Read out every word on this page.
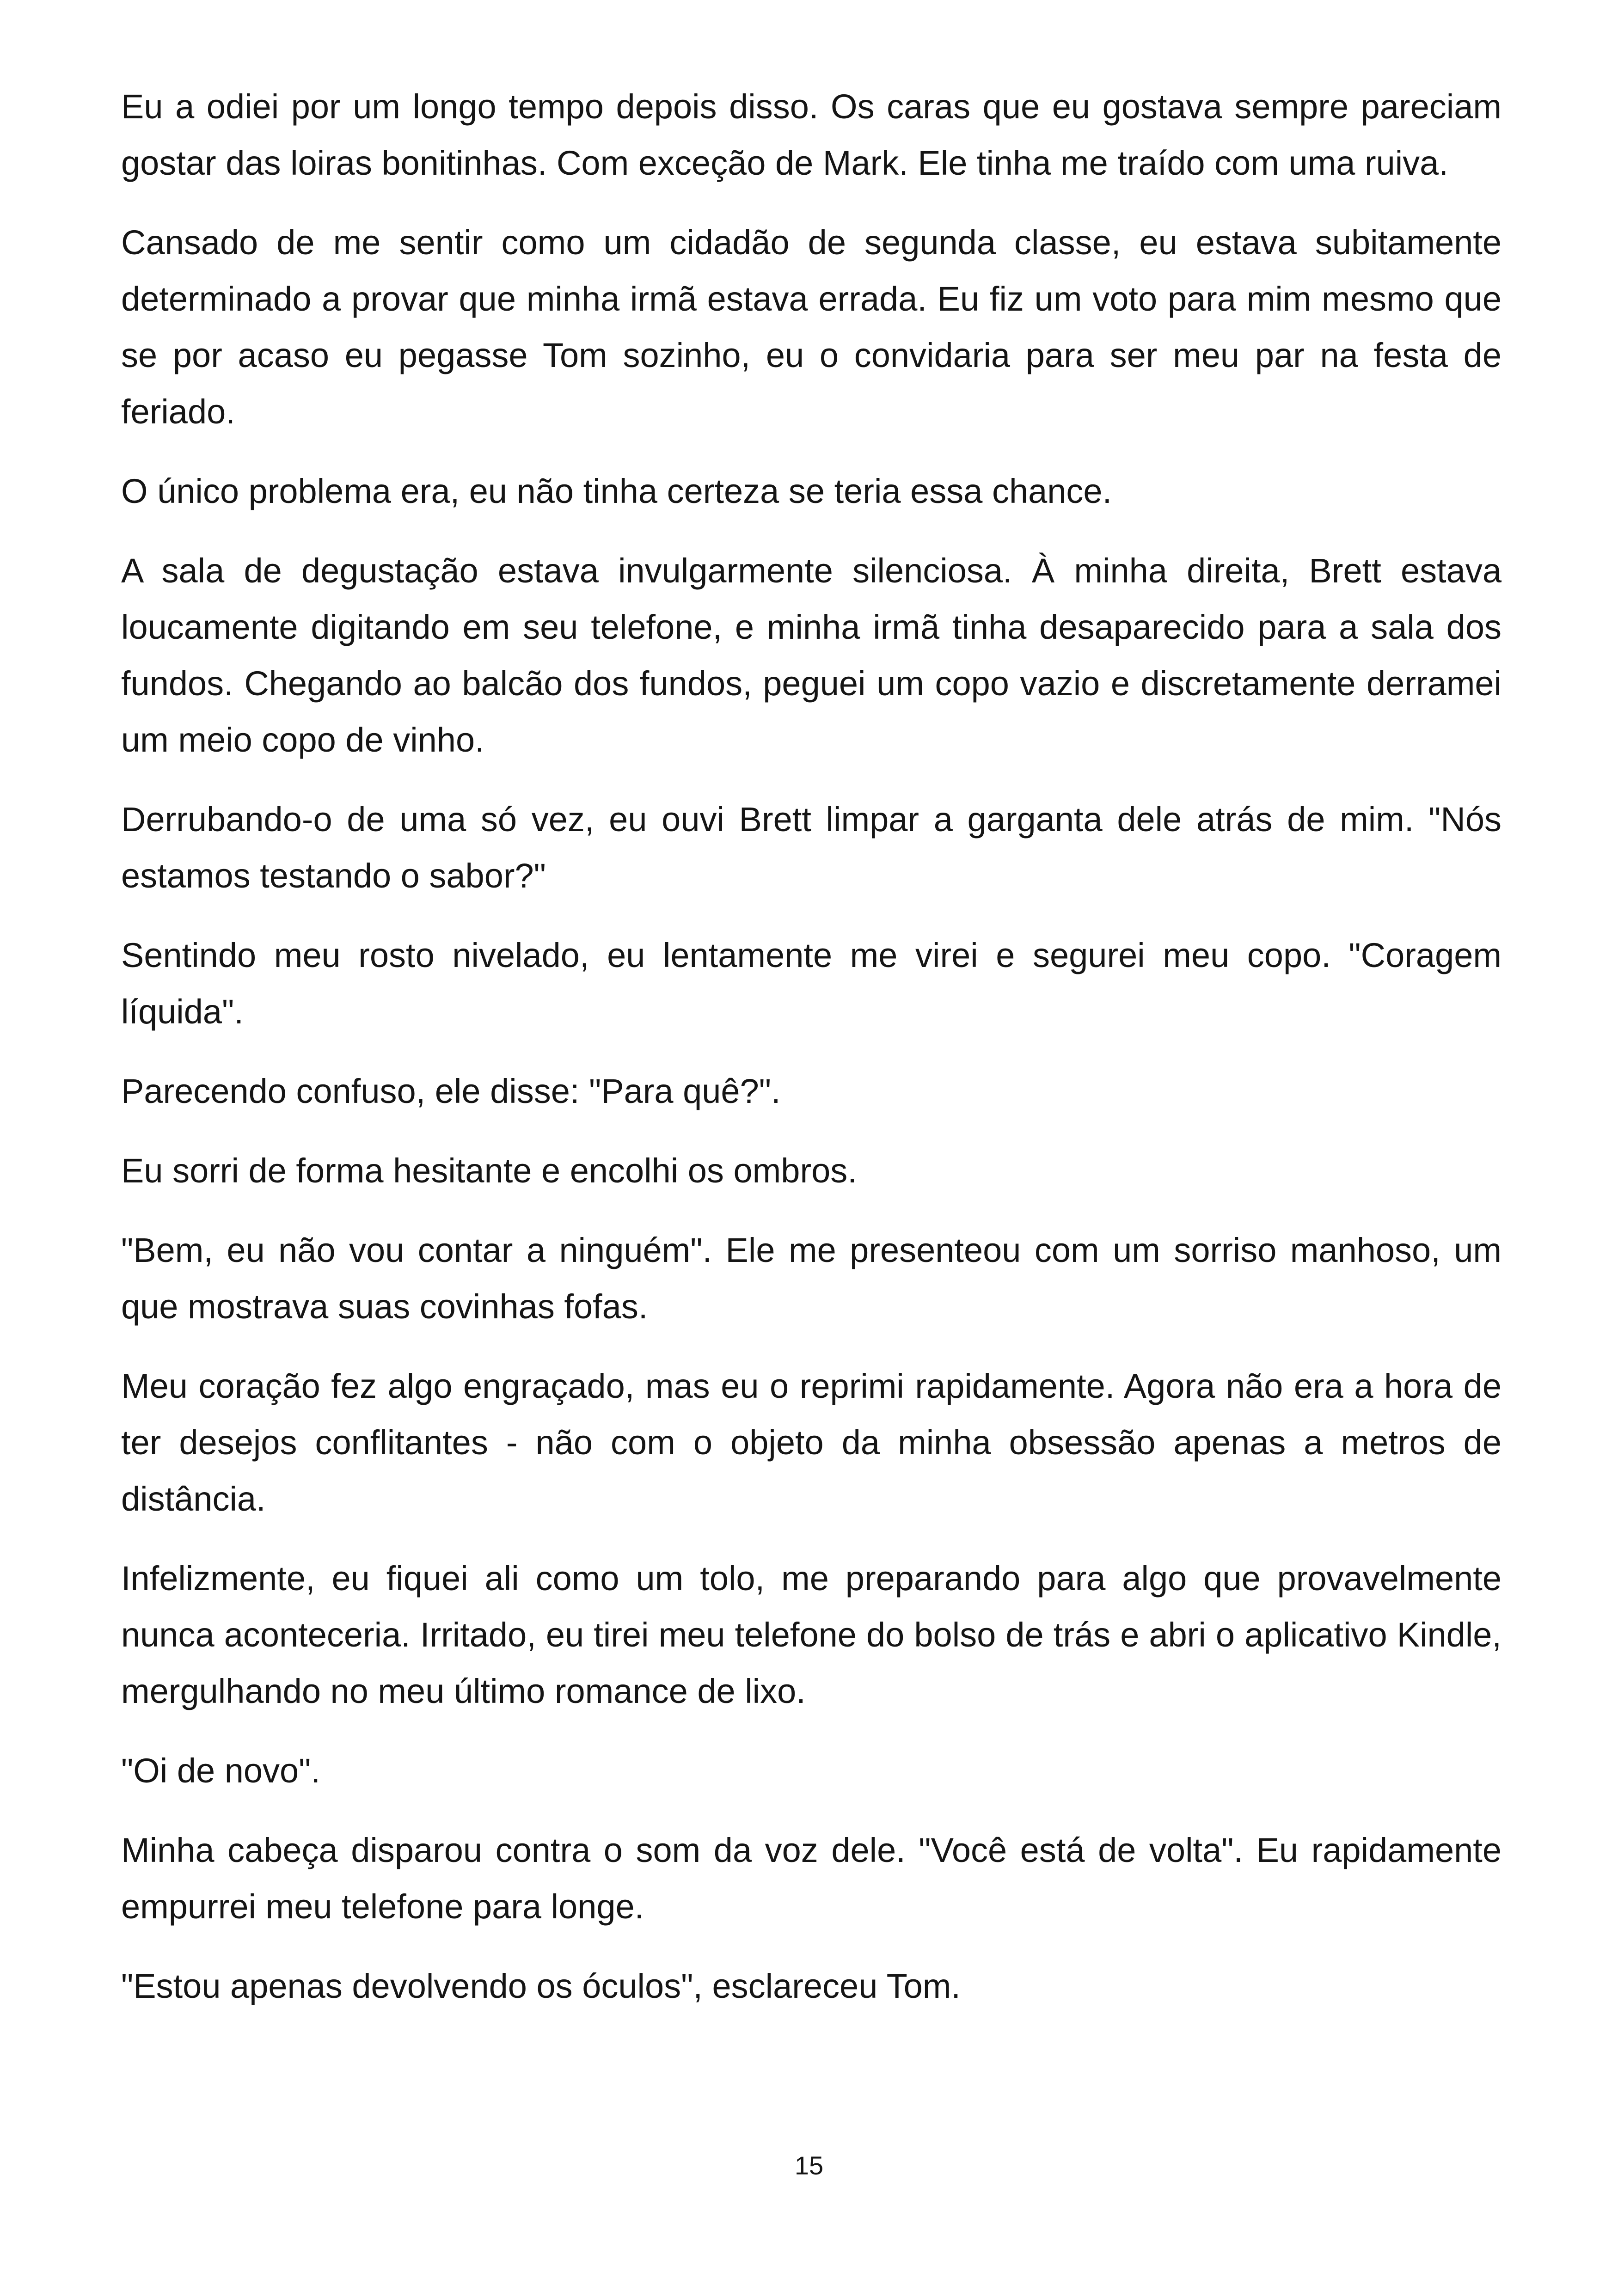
Eu a odiei por um longo tempo depois disso. Os caras que eu gostava sempre pareciam gostar das loiras bonitinhas. Com exceção de Mark. Ele tinha me traído com uma ruiva.

Cansado de me sentir como um cidadão de segunda classe, eu estava subitamente determinado a provar que minha irmã estava errada. Eu fiz um voto para mim mesmo que se por acaso eu pegasse Tom sozinho, eu o convidaria para ser meu par na festa de feriado.

O único problema era, eu não tinha certeza se teria essa chance.

A sala de degustação estava invulgarmente silenciosa. À minha direita, Brett estava loucamente digitando em seu telefone, e minha irmã tinha desaparecido para a sala dos fundos. Chegando ao balcão dos fundos, peguei um copo vazio e discretamente derramei um meio copo de vinho.

Derrubando-o de uma só vez, eu ouvi Brett limpar a garganta dele atrás de mim. "Nós estamos testando o sabor?"

Sentindo meu rosto nivelado, eu lentamente me virei e segurei meu copo. "Coragem líquida".

Parecendo confuso, ele disse: "Para quê?".

Eu sorri de forma hesitante e encolhi os ombros.

"Bem, eu não vou contar a ninguém". Ele me presenteou com um sorriso manhoso, um que mostrava suas covinhas fofas.

Meu coração fez algo engraçado, mas eu o reprimi rapidamente. Agora não era a hora de ter desejos conflitantes - não com o objeto da minha obsessão apenas a metros de distância.

Infelizmente, eu fiquei ali como um tolo, me preparando para algo que provavelmente nunca aconteceria. Irritado, eu tirei meu telefone do bolso de trás e abri o aplicativo Kindle, mergulhando no meu último romance de lixo.

"Oi de novo".

Minha cabeça disparou contra o som da voz dele. "Você está de volta". Eu rapidamente empurrei meu telefone para longe.

"Estou apenas devolvendo os óculos", esclareceu Tom.

15
